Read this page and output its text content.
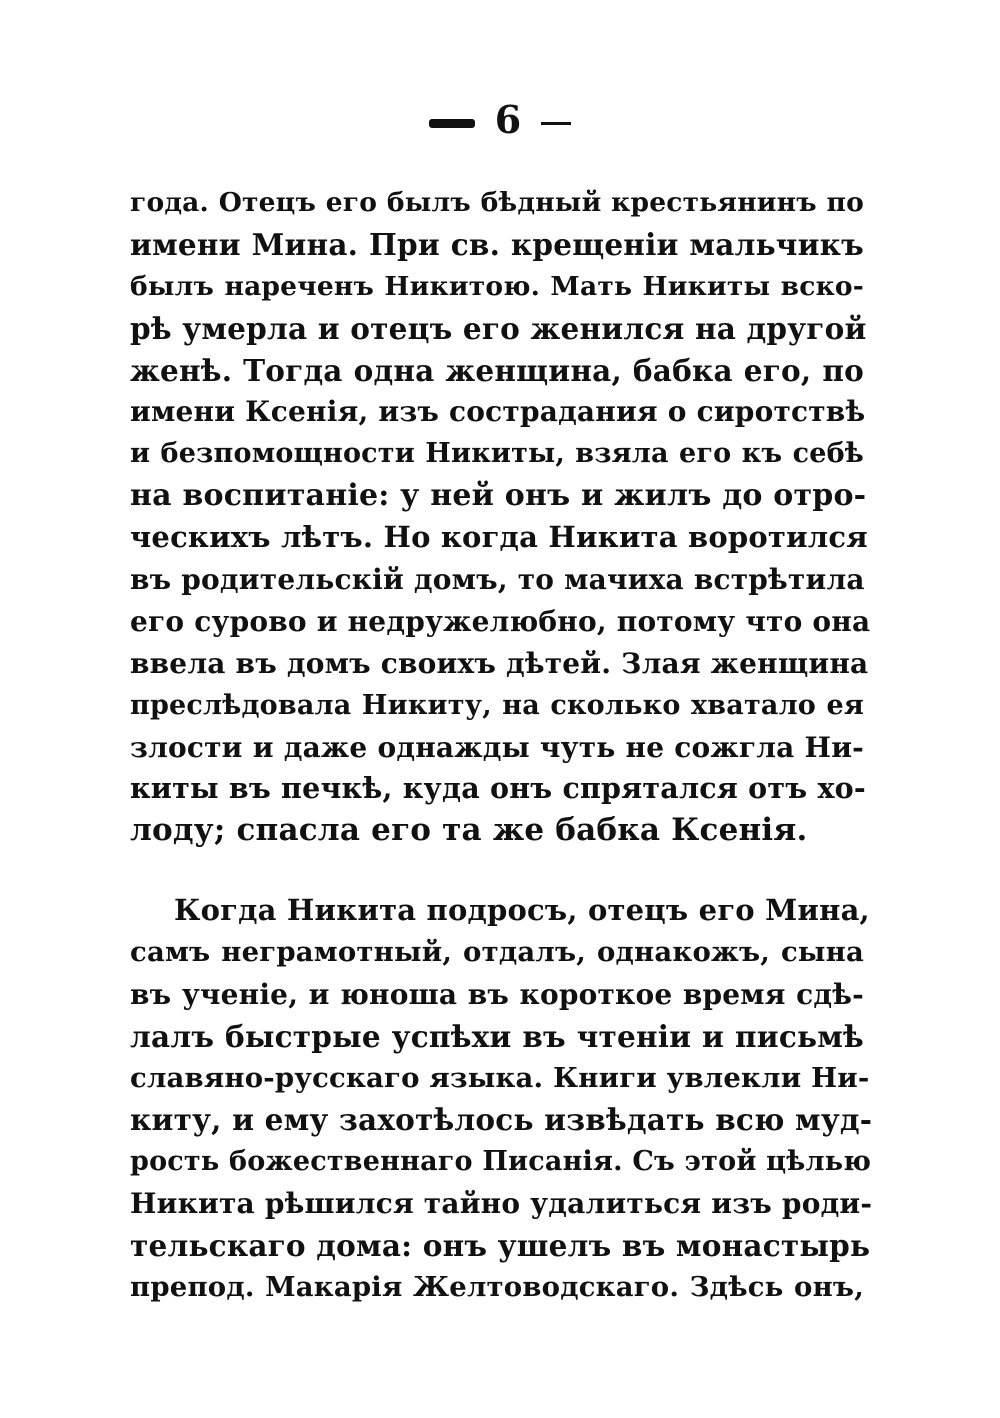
6
года. Отецъ его былъ бѣдный крестьянинъ по
имени Мина. При св. крещеніи мальчикъ
былъ нареченъ Никитою. Мать Никиты вско-
рѣ умерла и отецъ его женился на другой
женѣ. Тогда одна женщина, бабка его, по
имени Ксенія, изъ сострадания о сиротствѣ
и безпомощности Никиты, взяла его къ себѣ
на воспитаніе: у ней онъ и жилъ до отро-
ческихъ лѣтъ. Но когда Никита воротился
въ родительскій домъ, то мачиха встрѣтила
его сурово и недружелюбно, потому что она
ввела въ домъ своихъ дѣтей. Злая женщина
преслѣдовала Никиту, на сколько хватало ея
злости и даже однажды чуть не сожгла Ни-
киты въ печкѣ, куда онъ спрятался отъ хо-
лоду; спасла его та же бабка Ксенія.
Когда Никита подросъ, отецъ его Мина,
самъ неграмотный, отдалъ, однакожъ, сына
въ ученіе, и юноша въ короткое время сдѣ-
лалъ быстрые успѣхи въ чтеніи и письмѣ
славяно-русскаго языка. Книги увлекли Ни-
киту, и ему захотѣлось извѣдать всю муд-
рость божественнаго Писанія. Съ этой цѣлью
Никита рѣшился тайно удалиться изъ роди-
тельскаго дома: онъ ушелъ въ монастырь
препод. Макарія Желтоводскаго. Здѣсь онъ,
